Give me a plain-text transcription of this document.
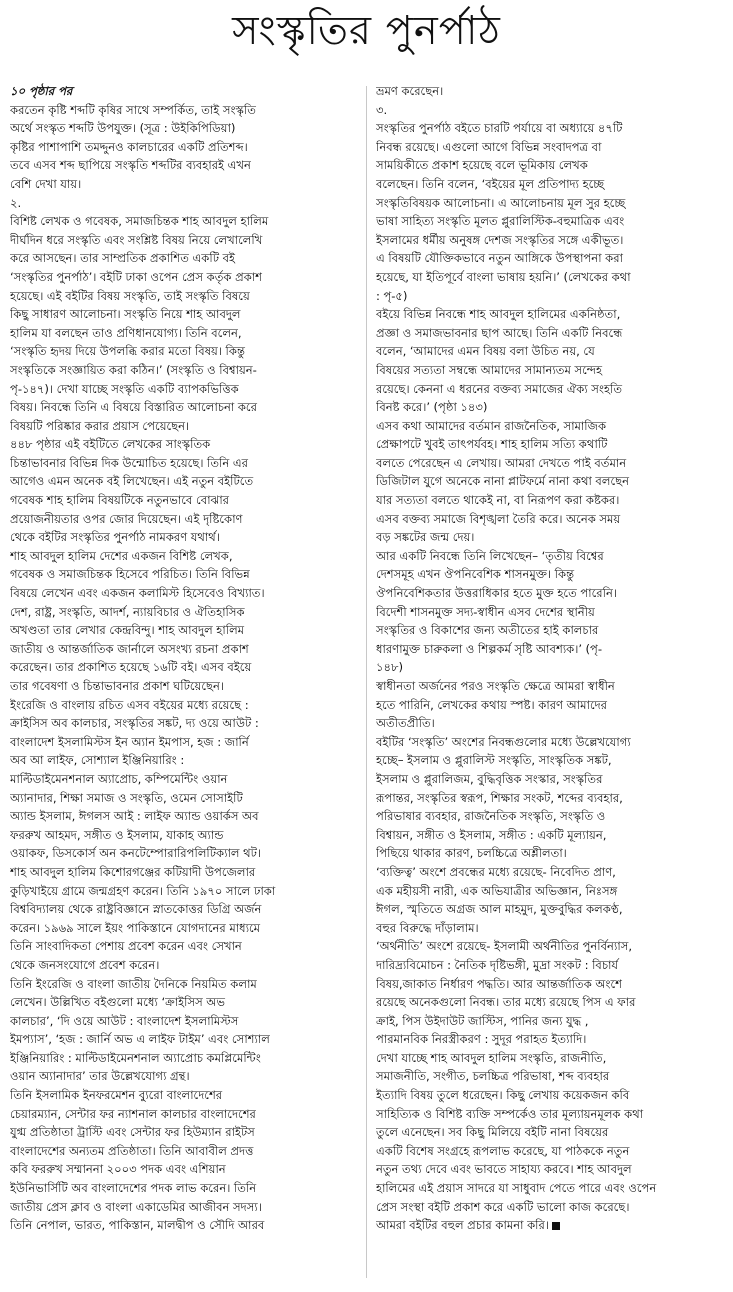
সংস্কৃতির পুনর্পাঠ
১০ পৃষ্ঠার পর
করতেন কৃষ্টি শব্দটি কৃষির সাথে সম্পর্কিত, তাই সংস্কৃতি
অর্থে সংস্কৃত শব্দটি উপযুক্ত। (সূত্র : উইকিপিডিয়া)
কৃষ্টির পাশাপাশি তমদ্দুনও কালচারের একটি প্রতিশব্দ।
তবে এসব শব্দ ছাপিয়ে সংস্কৃতি শব্দটির ব্যবহারই এখন
বেশি দেখা যায়।
২.
বিশিষ্ট লেখক ও গবেষক, সমাজচিন্তক শাহ আবদুল হালিম
দীর্ঘদিন ধরে সংস্কৃতি এবং সংশ্লিষ্ট বিষয় নিয়ে লেখালেখি
করে আসছেন। তার সাম্প্রতিক প্রকাশিত একটি বই
‘সংস্কৃতির পুনর্পাঠ’। বইটি ঢাকা ওপেন প্রেস কর্তৃক প্রকাশ
হয়েছে। এই বইটির বিষয় সংস্কৃতি, তাই সংস্কৃতি বিষয়ে
কিছু সাধারণ আলোচনা। সংস্কৃতি নিয়ে শাহ আবদুল
হালিম যা বলছেন তাও প্রণিধানযোগ্য। তিনি বলেন,
‘সংস্কৃতি হৃদয় দিয়ে উপলব্ধি করার মতো বিষয়। কিন্তু
সংস্কৃতিকে সংজ্ঞায়িত করা কঠিন।’ (সংস্কৃতি ও বিশ্বায়ন-
পৃ-১৪৭)। দেখা যাচ্ছে সংস্কৃতি একটি ব্যাপকভিত্তিক
বিষয়। নিবন্ধে তিনি এ বিষয়ে বিস্তারিত আলোচনা করে
বিষয়টি পরিষ্কার করার প্রয়াস পেয়েছেন।
৪৪৮ পৃষ্ঠার এই বইটিতে লেখকের সাংস্কৃতিক
চিন্তাভাবনার বিভিন্ন দিক উন্মোচিত হয়েছে। তিনি এর
আগেও এমন অনেক বই লিখেছেন। এই নতুন বইটিতে
গবেষক শাহ হালিম বিষয়টিকে নতুনভাবে বোঝার
প্রয়োজনীয়তার ওপর জোর দিয়েছেন। এই দৃষ্টিকোণ
থেকে বইটির সংস্কৃতির পুনর্পাঠ নামকরণ যথার্থ।
শাহ আবদুল হালিম দেশের একজন বিশিষ্ট লেখক,
গবেষক ও সমাজচিন্তক হিসেবে পরিচিত। তিনি বিভিন্ন
বিষয়ে লেখেন এবং একজন কলামিস্ট হিসেবেও বিখ্যাত।
দেশ, রাষ্ট্র, সংস্কৃতি, আদর্শ, ন্যায়বিচার ও ঐতিহাসিক
অখণ্ডতা তার লেখার কেন্দ্রবিন্দু। শাহ আবদুল হালিম
জাতীয় ও আন্তর্জাতিক জার্নালে অসংখ্য রচনা প্রকাশ
করেছেন। তার প্রকাশিত হয়েছে ১৬টি বই। এসব বইয়ে
তার গবেষণা ও চিন্তাভাবনার প্রকাশ ঘটিয়েছেন।
ইংরেজি ও বাংলায় রচিত এসব বইয়ের মধ্যে রয়েছে :
ক্রাইসিস অব কালচার, সংস্কৃতির সঙ্কট, দ্য ওয়ে আউট :
বাংলাদেশ ইসলামিস্টস ইন অ্যান ইমপাস, হজ : জার্নি
অব আ লাইফ, সোশ্যাল ইঞ্জিনিয়ারিং :
মাল্টিডাইমেনশনাল অ্যাপ্রোচ, কম্পিমেন্টিং ওয়ান
অ্যানাদার, শিক্ষা সমাজ ও সংস্কৃতি, ওমেন সোসাইটি
অ্যান্ড ইসলাম, ঈগলস আই : লাইফ অ্যান্ড ওয়ার্কস অব
ফররুখ আহমদ, সঙ্গীত ও ইসলাম, যাকাহ অ্যান্ড
ওয়াকফ, ডিসকোর্স অন কনটেম্পোরারিপলিটিক্যাল থট।
শাহ আবদুল হালিম কিশোরগঞ্জের কটিয়াদী উপজেলার
কুড়িখাইয়ে গ্রামে জন্মগ্রহণ করেন। তিনি ১৯৭০ সালে ঢাকা
বিশ্ববিদ্যালয় থেকে রাষ্ট্রবিজ্ঞানে স্নাতকোত্তর ডিগ্রি অর্জন
করেন। ১৯৬৯ সালে ইয়ং পাকিস্তানে যোগদানের মাধ্যমে
তিনি সাংবাদিকতা পেশায় প্রবেশ করেন এবং সেখান
থেকে জনসংযোগে প্রবেশ করেন।
তিনি ইংরেজি ও বাংলা জাতীয় দৈনিকে নিয়মিত কলাম
লেখেন। উল্লিখিত বইগুলো মধ্যে ‘ক্রাইসিস অভ
কালচার’, ‘দি ওয়ে আউট : বাংলাদেশ ইসলামিস্টস
ইমপ্যাস’, ‘হজ : জার্নি অভ এ লাইফ টাইম’ এবং সোশ্যাল
ইঞ্জিনিয়ারিং : মাল্টিডাইমেনশনাল অ্যাপ্রোচ কমপ্লিমেন্টিং
ওয়ান অ্যানাদার’ তার উল্লেখযোগ্য গ্রন্থ।
তিনি ইসলামিক ইনফরমেশন ব্যুরো বাংলাদেশের
চেয়ারম্যান, সেন্টার ফর ন্যাশনাল কালচার বাংলাদেশের
যুগ্ম প্রতিষ্ঠাতা ট্রাস্টি এবং সেন্টার ফর হিউম্যান রাইটস
বাংলাদেশের অন্যতম প্রতিষ্ঠাতা। তিনি আবাবীল প্রদত্ত
কবি ফররুখ সম্মাননা ২০০৩ পদক এবং এশিয়ান
ইউনিভার্সিটি অব বাংলাদেশের পদক লাভ করেন। তিনি
জাতীয় প্রেস ক্লাব ও বাংলা একাডেমির আজীবন সদস্য।
তিনি নেপাল, ভারত, পাকিস্তান, মালদ্বীপ ও সৌদি আরব
ভ্রমণ করেছেন।
৩.
সংস্কৃতির পুনর্পাঠ বইতে চারটি পর্যায়ে বা অধ্যায়ে ৪৭টি
নিবন্ধ রয়েছে। এগুলো আগে বিভিন্ন সংবাদপত্র বা
সাময়িকীতে প্রকাশ হয়েছে বলে ভূমিকায় লেখক
বলেছেন। তিনি বলেন, ‘বইয়ের মূল প্রতিপাদ্য হচ্ছে
সংস্কৃতিবিষয়ক আলোচনা। এ আলোচনায় মূল সুর হচ্ছে
ভাষা সাহিত্য সংস্কৃতি মূলত প্লুরালিস্টিক-বহুমাত্রিক এবং
ইসলামের ধর্মীয় অনুষঙ্গ দেশজ সংস্কৃতির সঙ্গে একীভূত।
এ বিষয়টি যৌক্তিকভাবে নতুন আঙ্গিকে উপস্থাপনা করা
হয়েছে, যা ইতিপূর্বে বাংলা ভাষায় হয়নি।’ (লেখকের কথা
: পৃ-৫)
বইয়ে বিভিন্ন নিবন্ধে শাহ আবদুল হালিমের একনিষ্ঠতা,
প্রজ্ঞা ও সমাজভাবনার ছাপ আছে। তিনি একটি নিবন্ধে
বলেন, ‘আমাদের এমন বিষয় বলা উচিত নয়, যে
বিষয়ের সত্যতা সম্বন্ধে আমাদের সামান্যতম সন্দেহ
রয়েছে। কেননা এ ধরনের বক্তব্য সমাজের ঐক্য সংহতি
বিনষ্ট করে।’ (পৃষ্ঠা ১৪৩)
এসব কথা আমাদের বর্তমান রাজনৈতিক, সামাজিক
প্রেক্ষাপটে খুবই তাৎপর্যবহ। শাহ হালিম সত্যি কথাটি
বলতে পেরেছেন এ লেখায়। আমরা দেখতে পাই বর্তমান
ডিজিটাল যুগে অনেকে নানা প্লাটফর্মে নানা কথা বলছেন
যার সত্যতা বলতে থাকেই না, বা নিরূপণ করা কষ্টকর।
এসব বক্তব্য সমাজে বিশৃঙ্খলা তৈরি করে। অনেক সময়
বড় সঙ্কটের জন্ম দেয়।
আর একটি নিবন্ধে তিনি লিখেছেন– ‘তৃতীয় বিশ্বের
দেশসমূহ এখন ঔপনিবেশিক শাসনমুক্ত। কিন্তু
ঔপনিবেশিকতার উত্তরাধিকার হতে মুক্ত হতে পারেনি।
বিদেশী শাসনমুক্ত সদ্য-স্বাধীন এসব দেশের স্থানীয়
সংস্কৃতির ও বিকাশের জন্য অতীতের হাই কালচার
ধারণামুক্ত চারুকলা ও শিল্পকর্ম সৃষ্টি আবশ্যক।’ (পৃ-
১৪৮)
স্বাধীনতা অর্জনের পরও সংস্কৃতি ক্ষেত্রে আমরা স্বাধীন
হতে পারিনি, লেখকের কথায় স্পষ্ট। কারণ আমাদের
অতীতপ্রীতি।
বইটির ‘সংস্কৃতি’ অংশের নিবন্ধগুলোর মধ্যে উল্লেখযোগ্য
হচ্ছে– ইসলাম ও প্লুরালিস্ট সংস্কৃতি, সাংস্কৃতিক সঙ্কট,
ইসলাম ও প্লুরালিজম, বুদ্ধিবৃত্তিক সংস্কার, সংস্কৃতির
রূপান্তর, সংস্কৃতির স্বরূপ, শিক্ষার সংকট, শব্দের ব্যবহার,
পরিভাষার ব্যবহার, রাজনৈতিক সংস্কৃতি, সংস্কৃতি ও
বিশ্বায়ন, সঙ্গীত ও ইসলাম, সঙ্গীত : একটি মূল্যায়ন,
পিছিয়ে থাকার কারণ, চলচ্চিত্রে অশ্লীলতা।
‘ব্যক্তিত্ব’ অংশে প্রবন্ধের মধ্যে রয়েছে- নিবেদিত প্রাণ,
এক মহীয়সী নারী, এক অভিযাত্রীর অভিজ্ঞান, নিঃসঙ্গ
ঈগল, স্মৃতিতে অগ্রজ আল মাহমুদ, মুক্তবুদ্ধির কলকণ্ঠ,
বহুর বিরুদ্ধে দাঁড়ালাম।
‘অর্থনীতি’ অংশে রয়েছে- ইসলামী অর্থনীতির পুনর্বিন্যাস,
দারিদ্র্যবিমোচন : নৈতিক দৃষ্টিভঙ্গী, মুদ্রা সংকট : বিচার্য
বিষয়,জাকাত নির্ধারণ পদ্ধতি। আর আন্তর্জাতিক অংশে
রয়েছে অনেকগুলো নিবন্ধ। তার মধ্যে রয়েছে পিস এ ফার
ক্রাই, পিস উইদাউট জাস্টিস, পানির জন্য যুদ্ধ ,
পারমানবিক নিরস্ত্রীকরণ : সুদূর পরাহত ইত্যাদি।
দেখা যাচ্ছে শাহ আবদুল হালিম সংস্কৃতি, রাজনীতি,
সমাজনীতি, সংগীত, চলচ্চিত্র পরিভাষা, শব্দ ব্যবহার
ইত্যাদি বিষয় তুলে ধরেছেন। কিছু লেখায় কয়েকজন কবি
সাহিত্যিক ও বিশিষ্ট ব্যক্তি সম্পর্কেও তার মূল্যায়নমূলক কথা
তুলে এনেছেন। সব কিছু মিলিয়ে বইটি নানা বিষয়ের
একটি বিশেষ সংগ্রহে রূপলাভ করেছে, যা পাঠককে নতুন
নতুন তথ্য দেবে এবং ভাবতে সাহায্য করবে। শাহ আবদুল
হালিমের এই প্রয়াস সাদরে যা সাধুবাদ পেতে পারে এবং ওপেন
প্রেস সংস্থা বইটি প্রকাশ করে একটি ভালো কাজ করেছে।
আমরা বইটির বহুল প্রচার কামনা করি।
